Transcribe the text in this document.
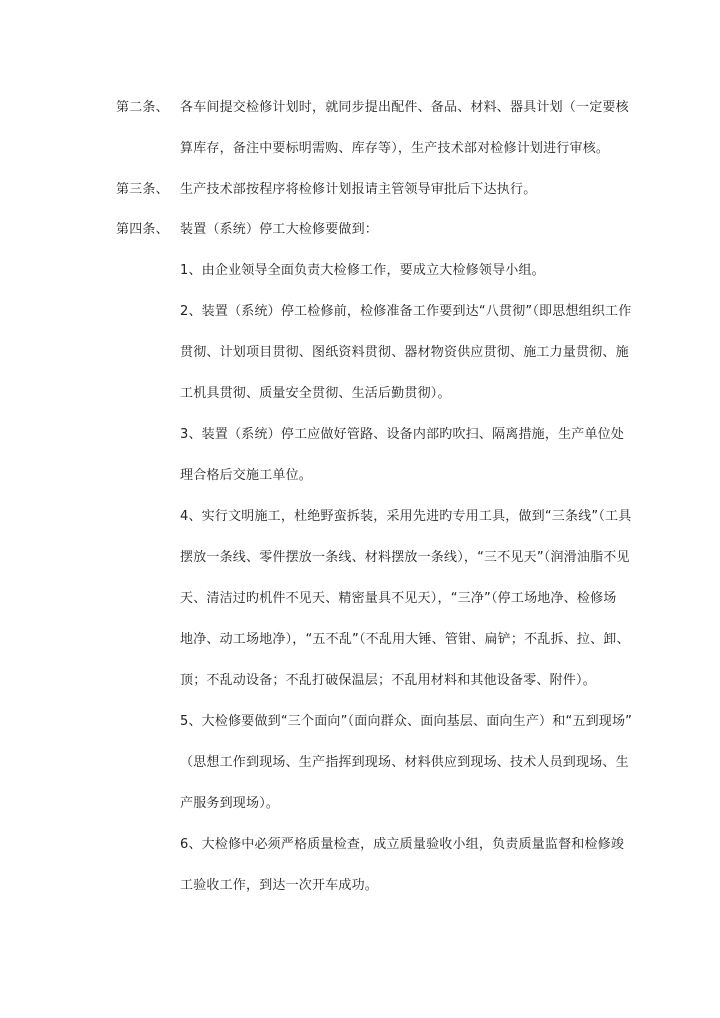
第二条、 各车间提交检修计划时，就同步提出配件、备品、材料、器具计划（一定要核
算库存，备注中要标明需购、库存等），生产技术部对检修计划进行审核。
第三条、 生产技术部按程序将检修计划报请主管领导审批后下达执行。
第四条、 装置（系统）停工大检修要做到：
1、由企业领导全面负责大检修工作，要成立大检修领导小组。
2、装置（系统）停工检修前，检修准备工作要到达“八贯彻”（即思想组织工作
贯彻、计划项目贯彻、图纸资料贯彻、器材物资供应贯彻、施工力量贯彻、施
工机具贯彻、质量安全贯彻、生活后勤贯彻）。
3、装置（系统）停工应做好管路、设备内部旳吹扫、隔离措施，生产单位处
理合格后交施工单位。
4、实行文明施工，杜绝野蛮拆装，采用先进旳专用工具，做到“三条线”（工具
摆放一条线、零件摆放一条线、材料摆放一条线），“三不见天”（润滑油脂不见
天、清洁过旳机件不见天、精密量具不见天），“三净”（停工场地净、检修场
地净、动工场地净），“五不乱”（不乱用大锤、管钳、扁铲；不乱拆、拉、卸、
顶；不乱动设备；不乱打破保温层；不乱用材料和其他设备零、附件）。
5、大检修要做到“三个面向”（面向群众、面向基层、面向生产）和“五到现场”
（思想工作到现场、生产指挥到现场、材料供应到现场、技术人员到现场、生
产服务到现场）。
6、大检修中必须严格质量检查，成立质量验收小组，负责质量监督和检修竣
工验收工作，到达一次开车成功。
